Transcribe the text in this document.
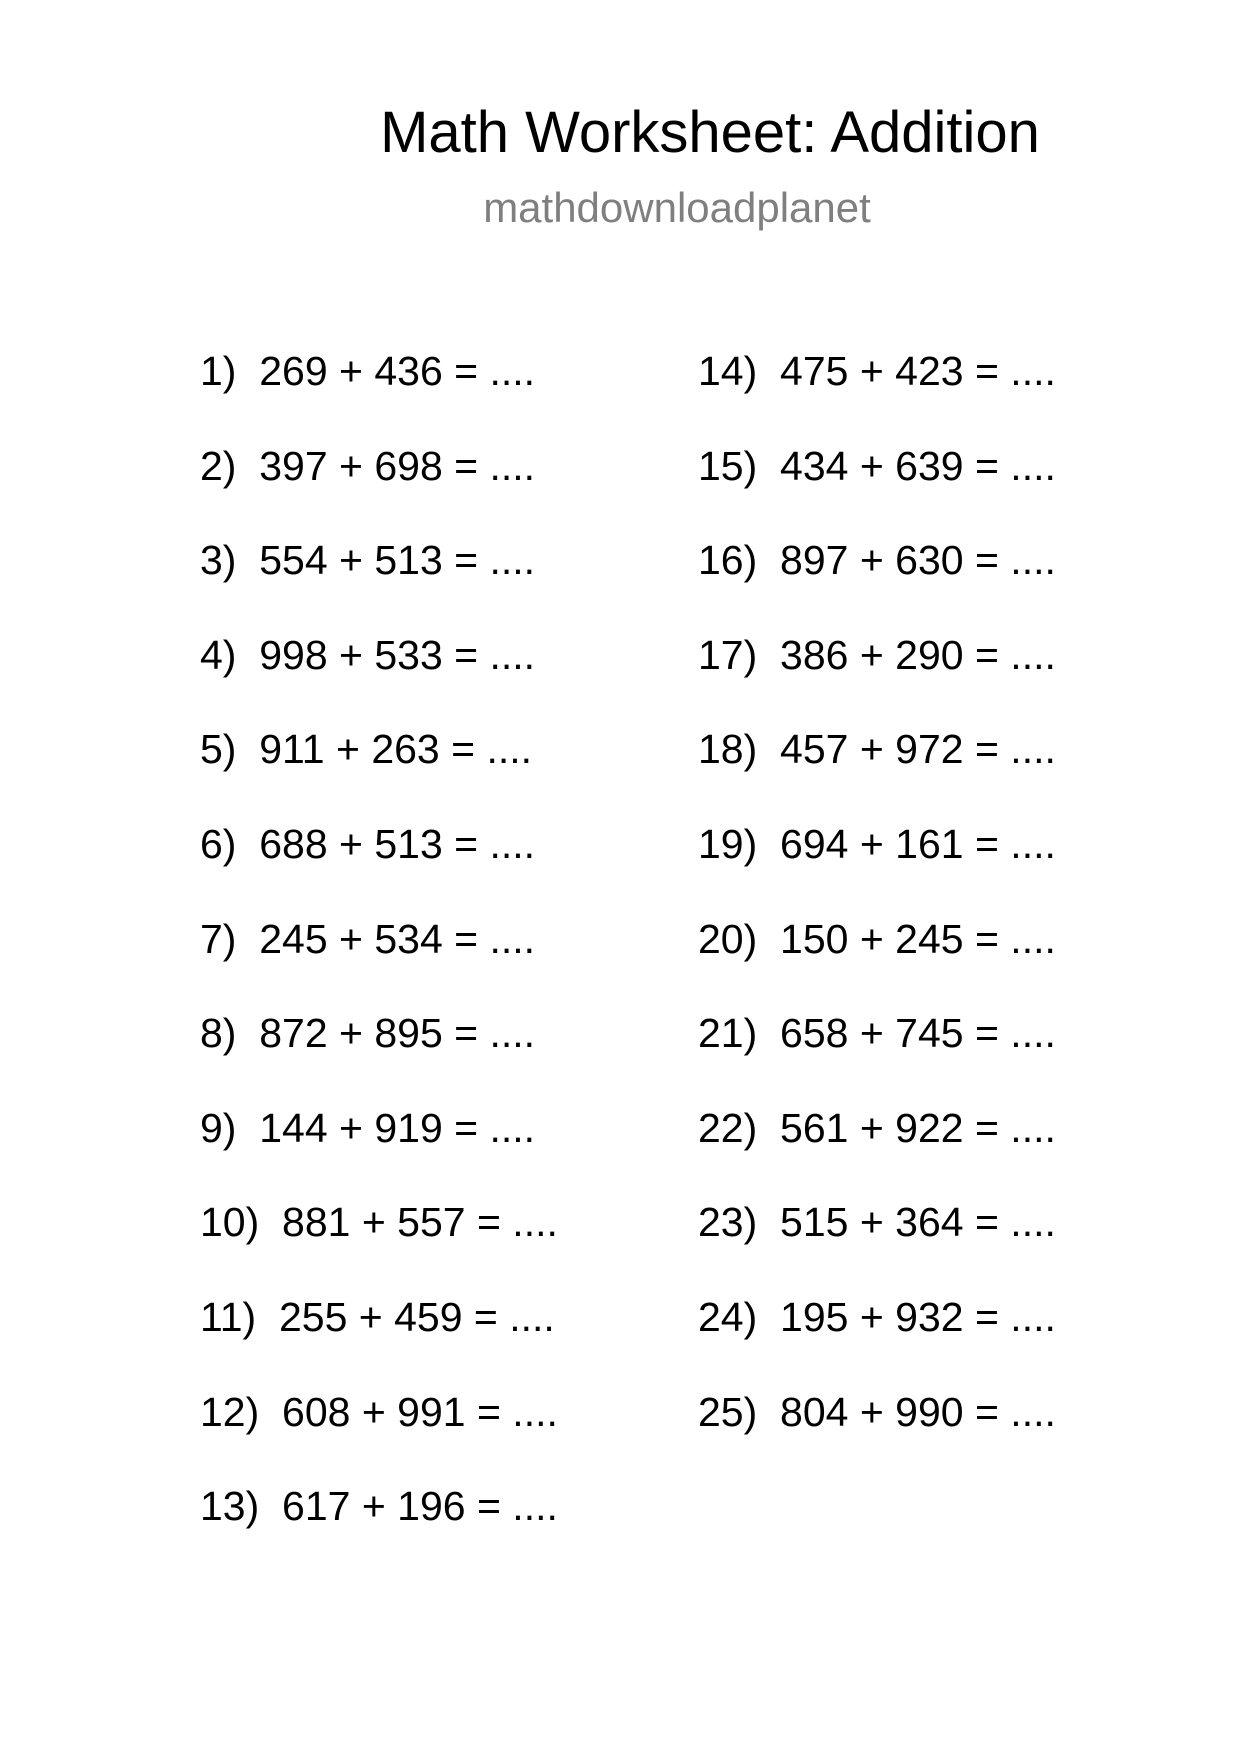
Math Worksheet: Addition
mathdownloadplanet
1)  269 + 436 = ....
2)  397 + 698 = ....
3)  554 + 513 = ....
4)  998 + 533 = ....
5)  911 + 263 = ....
6)  688 + 513 = ....
7)  245 + 534 = ....
8)  872 + 895 = ....
9)  144 + 919 = ....
10)  881 + 557 = ....
11)  255 + 459 = ....
12)  608 + 991 = ....
13)  617 + 196 = ....
14)  475 + 423 = ....
15)  434 + 639 = ....
16)  897 + 630 = ....
17)  386 + 290 = ....
18)  457 + 972 = ....
19)  694 + 161 = ....
20)  150 + 245 = ....
21)  658 + 745 = ....
22)  561 + 922 = ....
23)  515 + 364 = ....
24)  195 + 932 = ....
25)  804 + 990 = ....
